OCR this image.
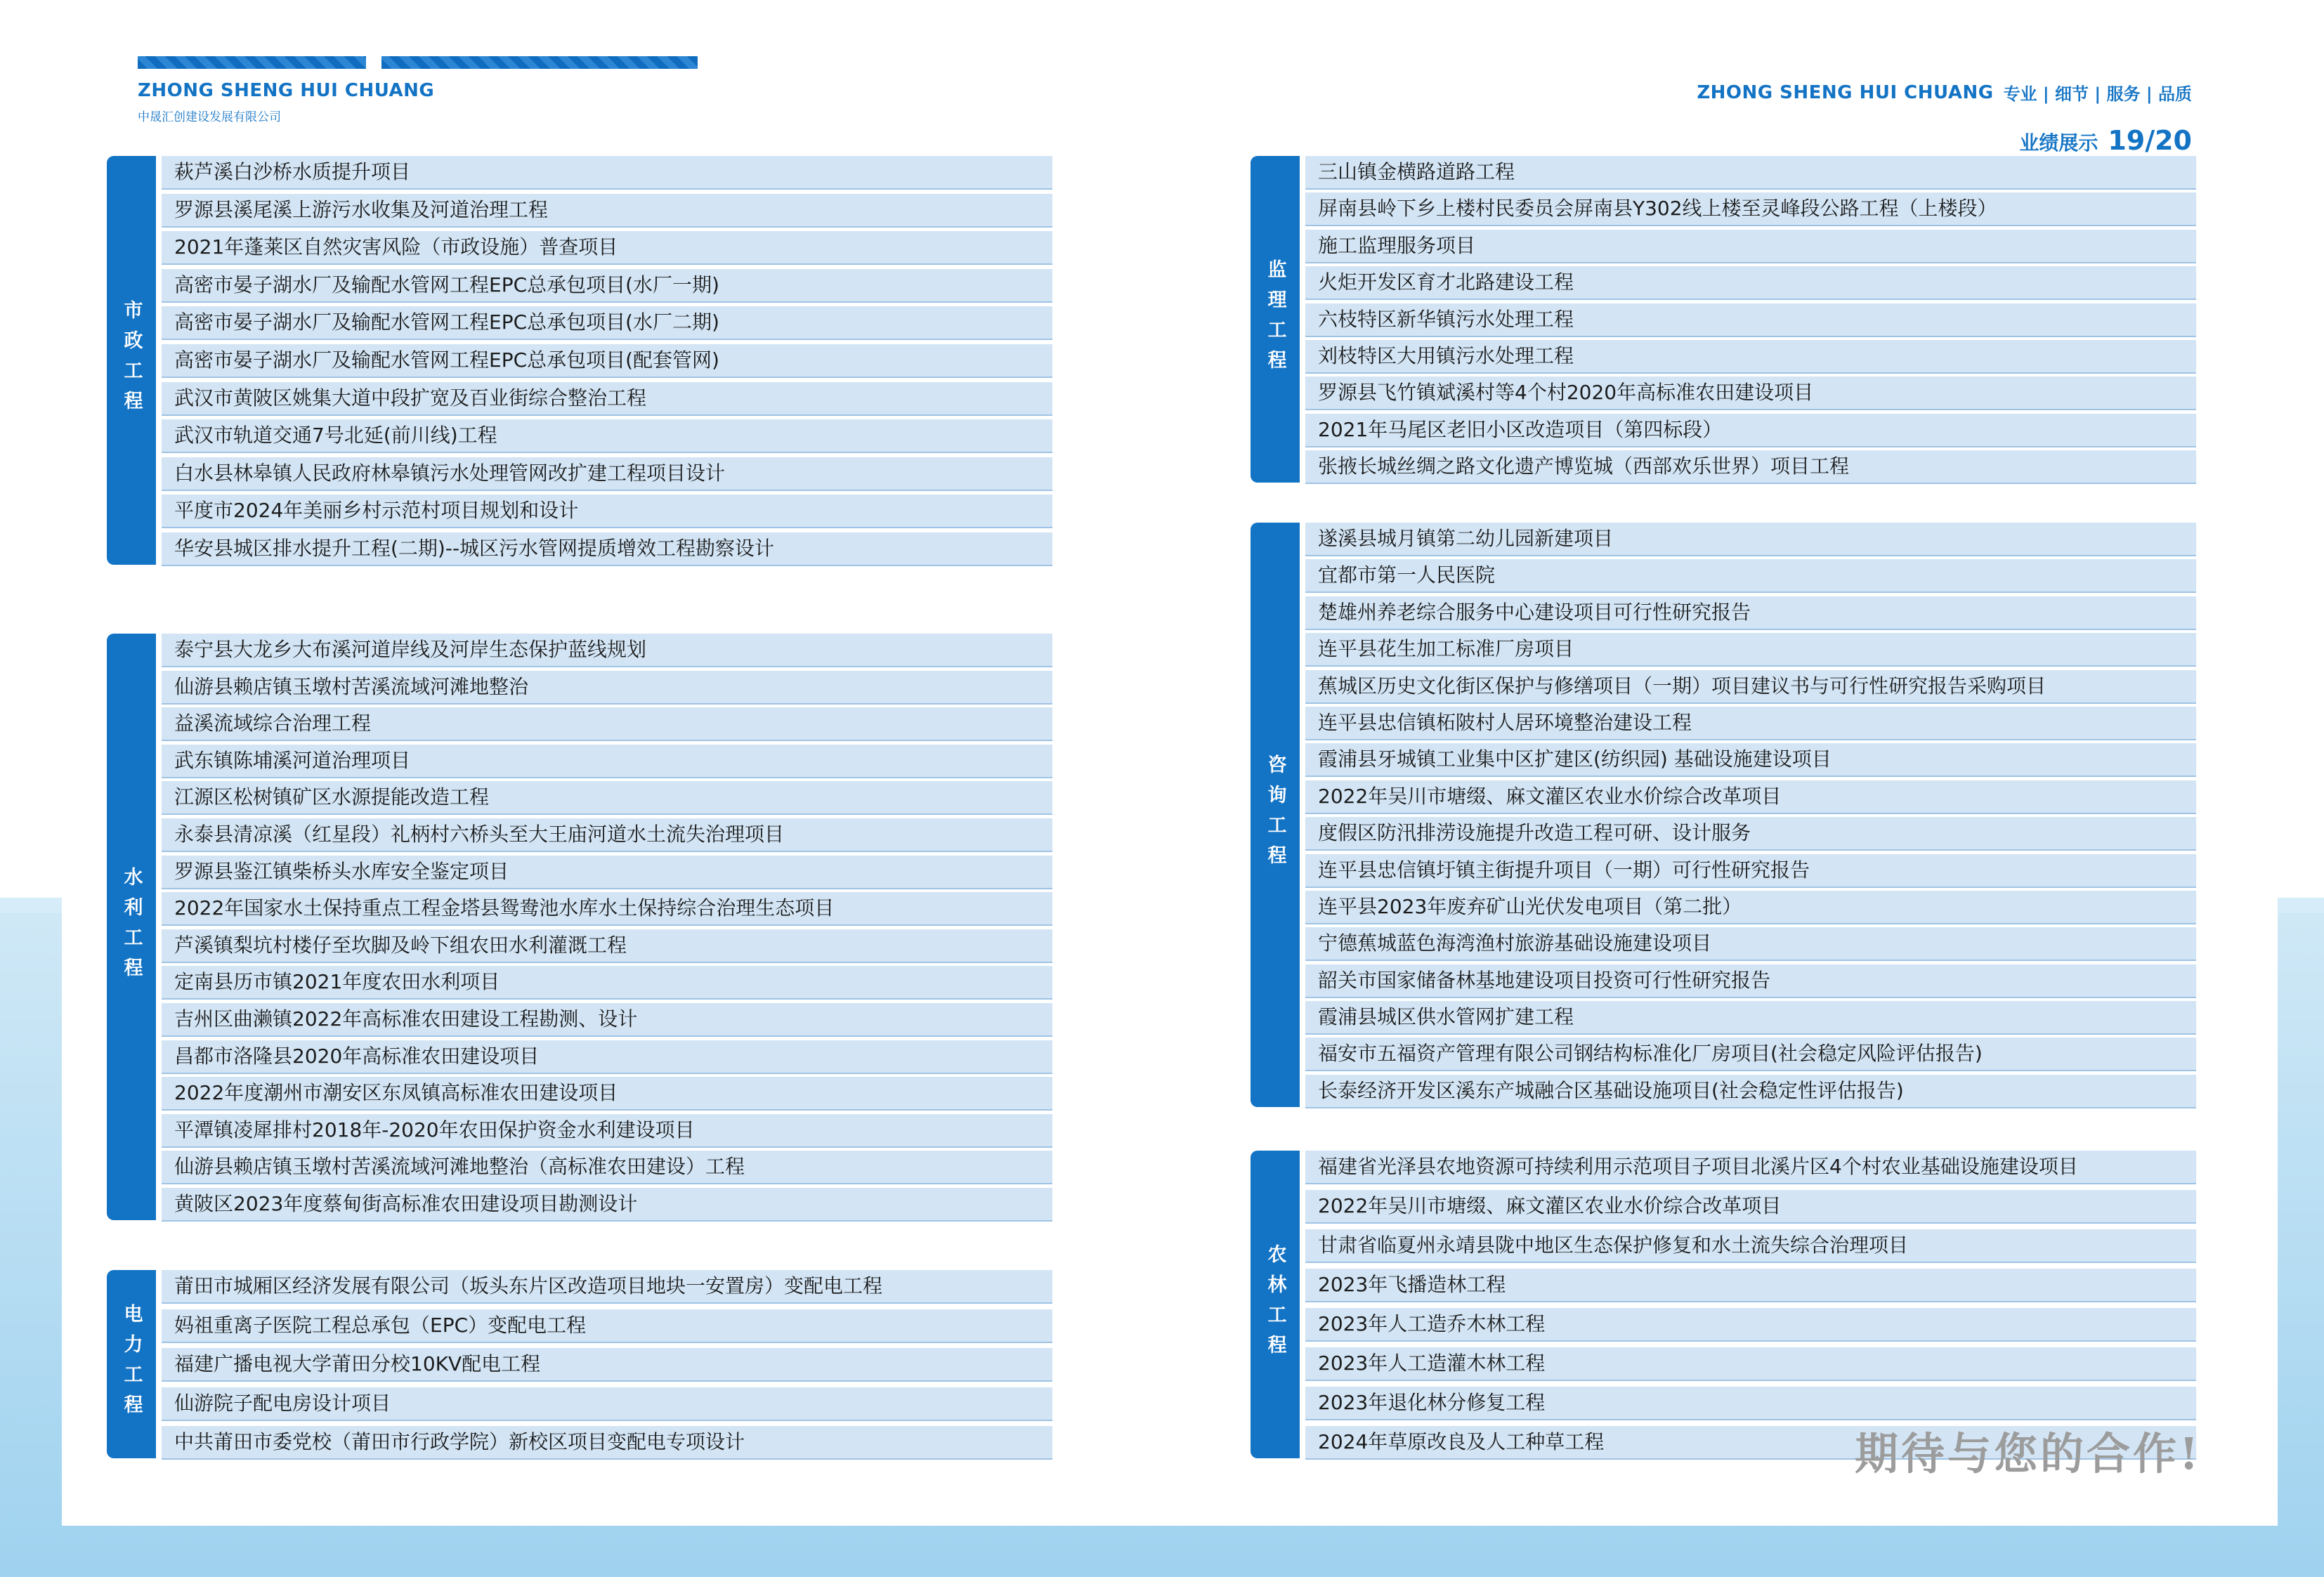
ZHONG SHENG HUI CHUANG
中晟汇创建设发展有限公司
ZHONG SHENG HUI CHUANG 专业 | 细节 | 服务 | 品质
业绩展示 19/20
市政工程
萩芦溪白沙桥水质提升项目
罗源县溪尾溪上游污水收集及河道治理工程
2021年蓬莱区自然灾害风险（市政设施）普查项目
高密市晏子湖水厂及输配水管网工程EPC总承包项目(水厂一期)
高密市晏子湖水厂及输配水管网工程EPC总承包项目(水厂二期)
高密市晏子湖水厂及输配水管网工程EPC总承包项目(配套管网)
武汉市黄陂区姚集大道中段扩宽及百业街综合整治工程
武汉市轨道交通7号北延(前川线)工程
白水县林皋镇人民政府林皋镇污水处理管网改扩建工程项目设计
平度市2024年美丽乡村示范村项目规划和设计
华安县城区排水提升工程(二期)--城区污水管网提质增效工程勘察设计
水利工程
泰宁县大龙乡大布溪河道岸线及河岸生态保护蓝线规划
仙游县赖店镇玉墩村苦溪流域河滩地整治
益溪流域综合治理工程
武东镇陈埔溪河道治理项目
江源区松树镇矿区水源提能改造工程
永泰县清凉溪（红星段）礼柄村六桥头至大王庙河道水土流失治理项目
罗源县鉴江镇柴桥头水库安全鉴定项目
2022年国家水土保持重点工程金塔县鸳鸯池水库水土保持综合治理生态项目
芦溪镇梨坑村楼仔至坎脚及岭下组农田水利灌溉工程
定南县历市镇2021年度农田水利项目
吉州区曲濑镇2022年高标准农田建设工程勘测、设计
昌都市洛隆县2020年高标准农田建设项目
2022年度潮州市潮安区东凤镇高标准农田建设项目
平潭镇凌犀排村2018年-2020年农田保护资金水利建设项目
仙游县赖店镇玉墩村苦溪流域河滩地整治（高标准农田建设）工程
黄陂区2023年度蔡甸街高标准农田建设项目勘测设计
电力工程
莆田市城厢区经济发展有限公司（坂头东片区改造项目地块一安置房）变配电工程
妈祖重离子医院工程总承包（EPC）变配电工程
福建广播电视大学莆田分校10KV配电工程
仙游院子配电房设计项目
中共莆田市委党校（莆田市行政学院）新校区项目变配电专项设计
监理工程
三山镇金横路道路工程
屏南县岭下乡上楼村民委员会屏南县Y302线上楼至灵峰段公路工程（上楼段）
施工监理服务项目
火炬开发区育才北路建设工程
六枝特区新华镇污水处理工程
刘枝特区大用镇污水处理工程
罗源县飞竹镇斌溪村等4个村2020年高标准农田建设项目
2021年马尾区老旧小区改造项目（第四标段）
张掖长城丝绸之路文化遗产博览城（西部欢乐世界）项目工程
咨询工程
遂溪县城月镇第二幼儿园新建项目
宜都市第一人民医院
楚雄州养老综合服务中心建设项目可行性研究报告
连平县花生加工标准厂房项目
蕉城区历史文化街区保护与修缮项目（一期）项目建议书与可行性研究报告采购项目
连平县忠信镇柘陂村人居环境整治建设工程
霞浦县牙城镇工业集中区扩建区(纺织园) 基础设施建设项目
2022年吴川市塘缀、麻文灌区农业水价综合改革项目
度假区防汛排涝设施提升改造工程可研、设计服务
连平县忠信镇圩镇主街提升项目（一期）可行性研究报告
连平县2023年废弃矿山光伏发电项目（第二批）
宁德蕉城蓝色海湾渔村旅游基础设施建设项目
韶关市国家储备林基地建设项目投资可行性研究报告
霞浦县城区供水管网扩建工程
福安市五福资产管理有限公司钢结构标准化厂房项目(社会稳定风险评估报告)
长泰经济开发区溪东产城融合区基础设施项目(社会稳定性评估报告)
农林工程
福建省光泽县农地资源可持续利用示范项目子项目北溪片区4个村农业基础设施建设项目
2022年吴川市塘缀、麻文灌区农业水价综合改革项目
甘肃省临夏州永靖县陇中地区生态保护修复和水土流失综合治理项目
2023年飞播造林工程
2023年人工造乔木林工程
2023年人工造灌木林工程
2023年退化林分修复工程
2024年草原改良及人工种草工程	期待与您的合作!
